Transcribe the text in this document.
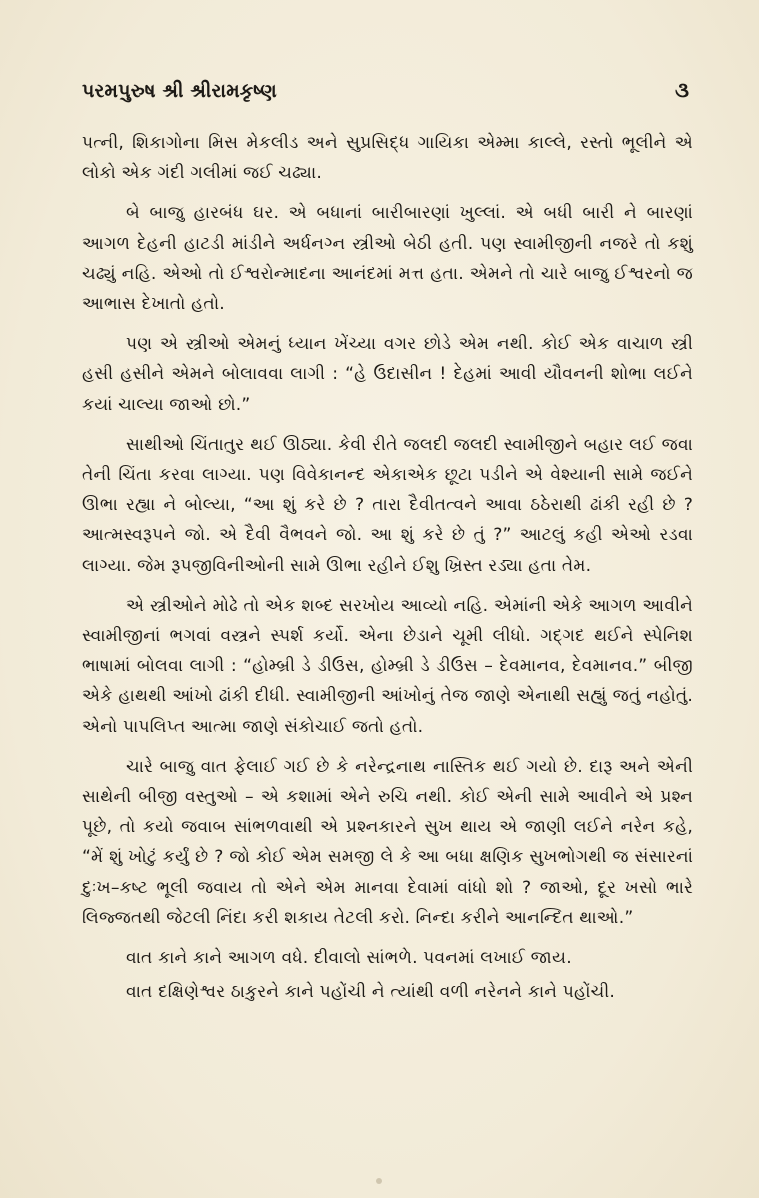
પરમપુરુષ શ્રી શ્રીરામકૃષ્ણ	૩

પત્ની, શિકાગોના મિસ મેકલીડ અને સુપ્રસિદ્ધ ગાયિકા એમ્મા કાલ્લે, રસ્તો ભૂલીને એ લોકો એક ગંદી ગલીમાં જઈ ચઢ્યા.

બે બાજુ હારબંધ ઘર. એ બધાનાં બારીબારણાં ખુલ્લાં. એ બધી બારી ને બારણાં આગળ દેહની હાટડી માંડીને અર્ધનગ્ન સ્ત્રીઓ બેઠી હતી. પણ સ્વામીજીની નજરે તો કશું ચઢ્યું નહિ. એઓ તો ઈશ્વરોન્માદના આનંદમાં મત્ત હતા. એમને તો ચારે બાજુ ઈશ્વરનો જ આભાસ દેખાતો હતો.

પણ એ સ્ત્રીઓ એમનું ધ્યાન ખેંચ્યા વગર છોડે એમ નથી. કોઈ એક વાચાળ સ્ત્રી હસી હસીને એમને બોલાવવા લાગી : “હે ઉદાસીન ! દેહમાં આવી યૌવનની શોભા લઈને કયાં ચાલ્યા જાઓ છો.”

સાથીઓ ચિંતાતુર થઈ ઊઠ્યા. કેવી રીતે જલદી જલદી સ્વામીજીને બહાર લઈ જવા તેની ચિંતા કરવા લાગ્યા. પણ વિવેકાનન્દ એકાએક છૂટા પડીને એ વેશ્યાની સામે જઈને ઊભા રહ્યા ને બોલ્યા, “આ શું કરે છે ? તારા દૈવીતત્વને આવા ઠઠેરાથી ઢાંકી રહી છે ? આત્મસ્વરૂપને જો. એ દૈવી વૈભવને જો. આ શું કરે છે તું ?” આટલું કહી એઓ રડવા લાગ્યા. જેમ રૂપજીવિનીઓની સામે ઊભા રહીને ઈશુ ખ્રિસ્ત રડ્યા હતા તેમ.

એ સ્ત્રીઓને મોઢે તો એક શબ્દ સરખોય આવ્યો નહિ. એમાંની એકે આગળ આવીને સ્વામીજીનાં ભગવાં વસ્ત્રને સ્પર્શ કર્યો. એના છેડાને ચૂમી લીધો. ગદ્‌ગદ થઈને સ્પેનિશ ભાષામાં બોલવા લાગી : “હોમ્બ્રી ડે ડીઉસ, હોમ્બ્રી ડે ડીઉસ – દેવમાનવ, દેવમાનવ.” બીજી એકે હાથથી આંખો ઢાંકી દીધી. સ્વામીજીની આંખોનું તેજ જાણે એનાથી સહ્યું જતું નહોતું. એનો પાપલિપ્ત આત્મા જાણે સંકોચાઈ જતો હતો.

ચારે બાજુ વાત ફેલાઈ ગઈ છે કે નરેન્દ્રનાથ નાસ્તિક થઈ ગયો છે. દારૂ અને એની સાથેની બીજી વસ્તુઓ – એ કશામાં એને રુચિ નથી. કોઈ એની સામે આવીને એ પ્રશ્ન પૂછે, તો કયો જવાબ સાંભળવાથી એ પ્રશ્નકારને સુખ થાય એ જાણી લઈને નરેન કહે, “મેં શું ખોટું કર્યું છે ? જો કોઈ એમ સમજી લે કે આ બધા ક્ષણિક સુખભોગથી જ સંસારનાં દુઃખ–કષ્ટ ભૂલી જવાય તો એને એમ માનવા દેવામાં વાંધો શો ? જાઓ, દૂર ખસો ભારે લિજ્જતથી જેટલી નિંદા કરી શકાય તેટલી કરો. નિન્દા કરીને આનન્દિત થાઓ.”

વાત કાને કાને આગળ વધે. દીવાલો સાંભળે. પવનમાં લખાઈ જાય.

વાત દક્ષિણેશ્વર ઠાકુરને કાને પહોંચી ને ત્યાંથી વળી નરેનને કાને પહોંચી.
